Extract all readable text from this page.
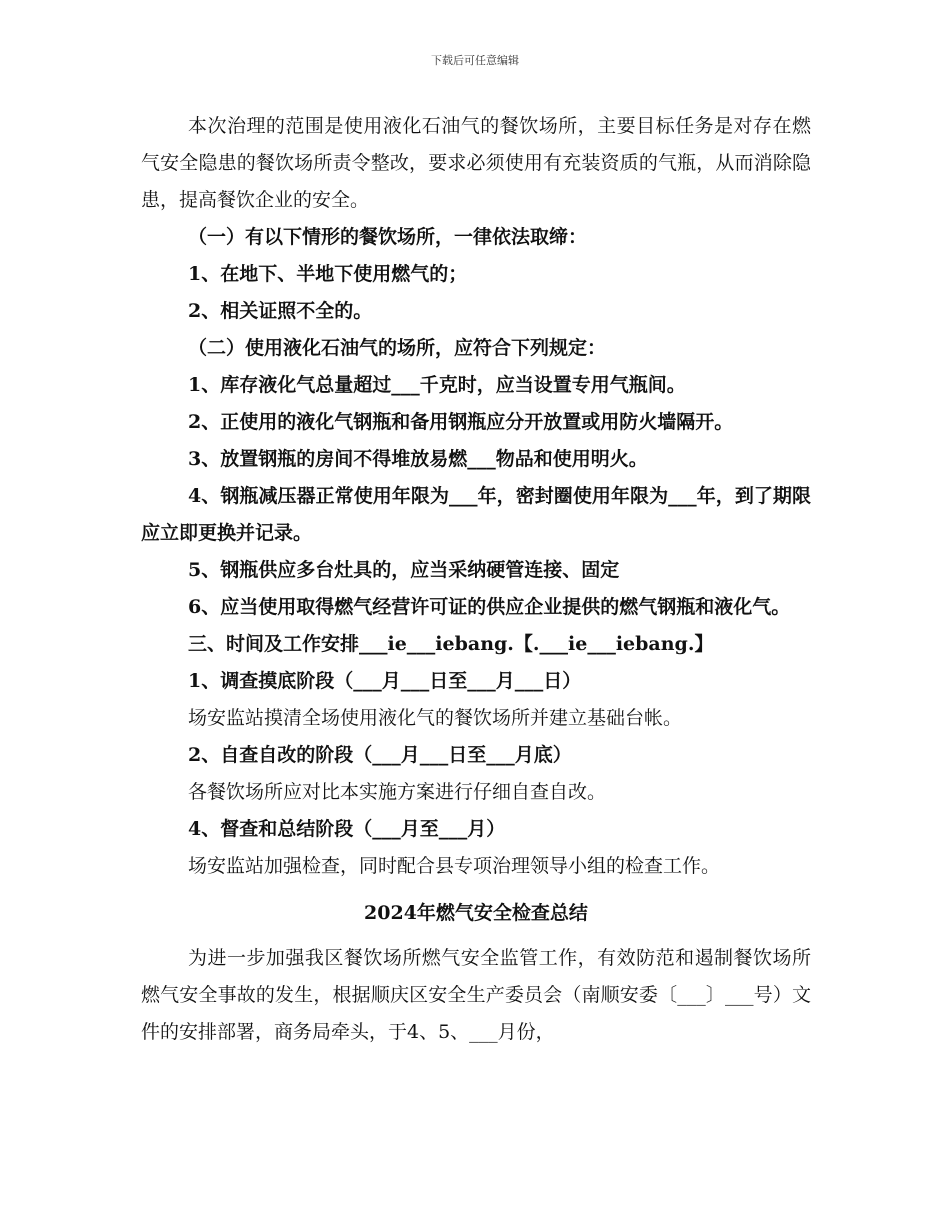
下载后可任意编辑

本次治理的范围是使用液化石油气的餐饮场所，主要目标任务是对存在燃气安全隐患的餐饮场所责令整改，要求必须使用有充装资质的气瓶，从而消除隐患，提高餐饮企业的安全。

（一）有以下情形的餐饮场所，一律依法取缔：

1、在地下、半地下使用燃气的；

2、相关证照不全的。

（二）使用液化石油气的场所，应符合下列规定：

1、库存液化气总量超过___千克时，应当设置专用气瓶间。

2、正使用的液化气钢瓶和备用钢瓶应分开放置或用防火墙隔开。

3、放置钢瓶的房间不得堆放易燃___物品和使用明火。

4、钢瓶减压器正常使用年限为___年，密封圈使用年限为___年，到了期限应立即更换并记录。

5、钢瓶供应多台灶具的，应当采纳硬管连接、固定

6、应当使用取得燃气经营许可证的供应企业提供的燃气钢瓶和液化气。

三、时间及工作安排___ie___iebang.【.___ie___iebang.】

1、调查摸底阶段（___月___日至___月___日）

场安监站摸清全场使用液化气的餐饮场所并建立基础台帐。

2、自查自改的阶段（___月___日至___月底）

各餐饮场所应对比本实施方案进行仔细自查自改。

4、督查和总结阶段（___月至___月）

场安监站加强检查，同时配合县专项治理领导小组的检查工作。

2024年燃气安全检查总结

为进一步加强我区餐饮场所燃气安全监管工作，有效防范和遏制餐饮场所燃气安全事故的发生，根据顺庆区安全生产委员会（南顺安委〔___〕___号）文件的安排部署，商务局牵头，于4、5、___月份，
